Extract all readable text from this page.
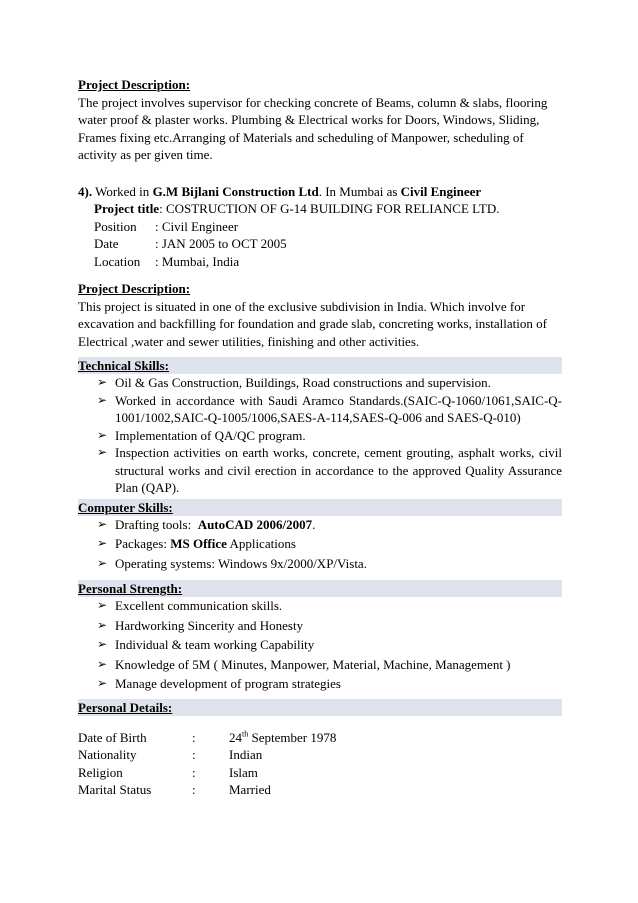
Project Description:

The project involves supervisor for checking concrete of Beams, column & slabs, flooring water proof & plaster works. Plumbing & Electrical works for Doors, Windows, Sliding, Frames fixing etc.Arranging of Materials and scheduling of Manpower, scheduling of activity as per given time.

4). Worked in G.M Bijlani Construction Ltd. In Mumbai as Civil Engineer

Project title: COSTRUCTION OF G-14 BUILDING FOR RELIANCE LTD.

Position	: Civil Engineer
Date	: JAN 2005 to OCT 2005
Location	: Mumbai, India

Project Description:

This project is situated in one of the exclusive subdivision in India. Which involve for excavation and backfilling for foundation and grade slab, concreting works, installation of Electrical ,water and sewer utilities, finishing and other activities.

Technical Skills:
➢ Oil & Gas Construction, Buildings, Road constructions and supervision.
➢ Worked in accordance with Saudi Aramco Standards.(SAIC-Q-1060/1061,SAIC-Q-1001/1002,SAIC-Q-1005/1006,SAES-A-114,SAES-Q-006 and SAES-Q-010)
➢ Implementation of QA/QC program.
➢ Inspection activities on earth works, concrete, cement grouting, asphalt works, civil structural works and civil erection in accordance to the approved Quality Assurance Plan (QAP).
Computer Skills:
➢ Drafting tools:  AutoCAD 2006/2007.
➢ Packages: MS Office Applications
➢ Operating systems: Windows 9x/2000/XP/Vista.
Personal Strength:
➢ Excellent communication skills.
➢ Hardworking Sincerity and Honesty
➢ Individual & team working Capability
➢ Knowledge of 5M ( Minutes, Manpower, Material, Machine, Management )
➢ Manage development of program strategies
Personal Details:
Date of Birth	:	24th September 1978
Nationality	:	Indian
Religion	:	Islam
Marital Status	:	Married
